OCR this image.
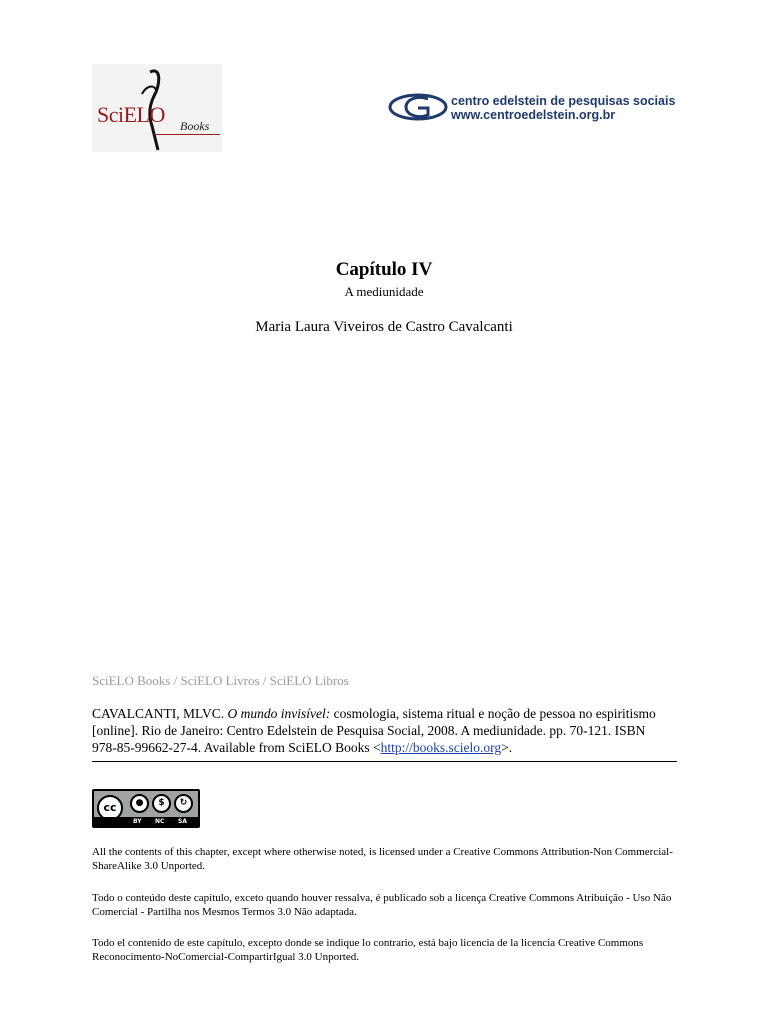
SciELO Books
centro edelstein de pesquisas sociais
www.centroedelstein.org.br
Capítulo IV
A mediunidade
Maria Laura Viveiros de Castro Cavalcanti
SciELO Books / SciELO Livros / SciELO Libros
CAVALCANTI, MLVC. O mundo invisível: cosmologia, sistema ritual e noção de pessoa no espiritismo [online]. Rio de Janeiro: Centro Edelstein de Pesquisa Social, 2008. A mediunidade. pp. 70-121. ISBN 978-85-99662-27-4. Available from SciELO Books <http://books.scielo.org>.
cc	●	$	↻
BY NC SA
All the contents of this chapter, except where otherwise noted, is licensed under a Creative Commons Attribution-Non Commercial-ShareAlike 3.0 Unported.
Todo o conteúdo deste capítulo, exceto quando houver ressalva, é publicado sob a licença Creative Commons Atribuição - Uso Não Comercial - Partilha nos Mesmos Termos 3.0 Não adaptada.
Todo el contenido de este capítulo, excepto donde se indique lo contrario, está bajo licencia de la licencia Creative Commons Reconocimento-NoComercial-CompartirIgual 3.0 Unported.
